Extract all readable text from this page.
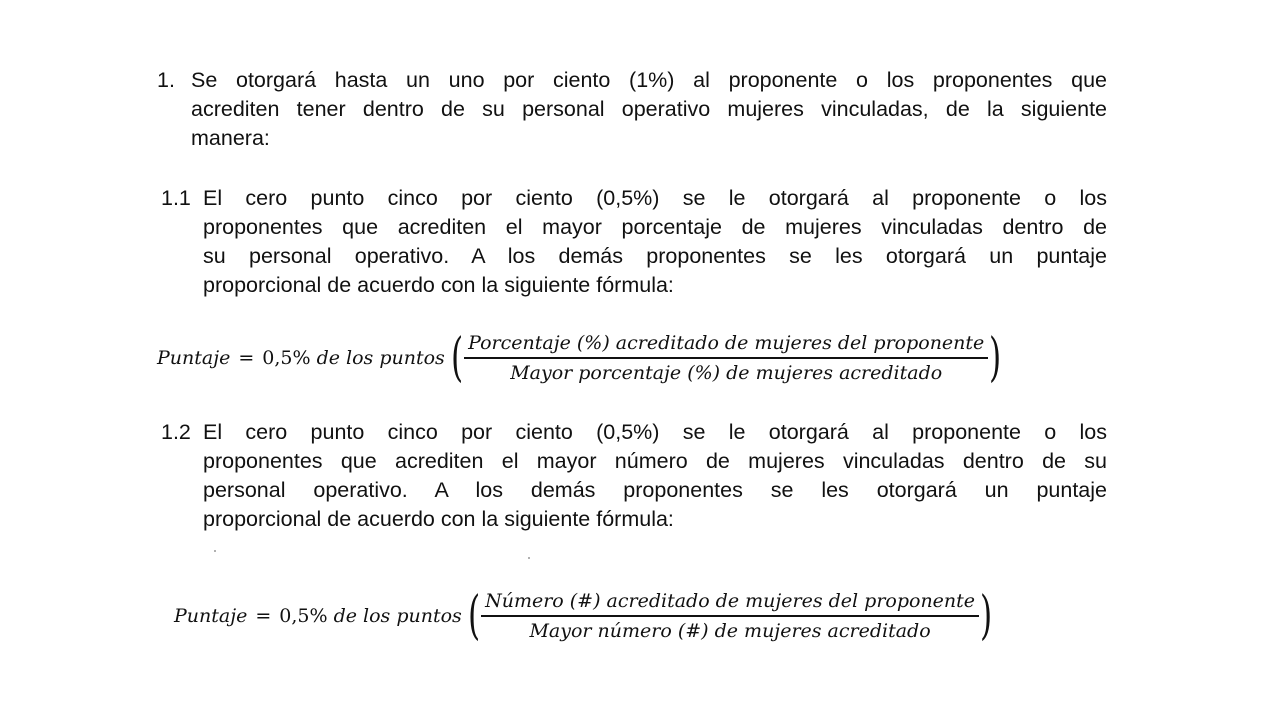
1. Se otorgará hasta un uno por ciento (1%) al proponente o los proponentes que
acrediten tener dentro de su personal operativo mujeres vinculadas, de la siguiente
manera:
1.1 El cero punto cinco por ciento (0,5%) se le otorgará al proponente o los
proponentes que acrediten el mayor porcentaje de mujeres vinculadas dentro de
su personal operativo. A los demás proponentes se les otorgará un puntaje
proporcional de acuerdo con la siguiente fórmula:
Puntaje = 0,5% de los puntos ( $\frac{\text{Porcentaje (\%) acreditado de mujeres del proponente}}{\text{Mayor porcentaje (\%) de mujeres acreditado}}$ )
1.2 El cero punto cinco por ciento (0,5%) se le otorgará al proponente o los
proponentes que acrediten el mayor número de mujeres vinculadas dentro de su
personal operativo. A los demás proponentes se les otorgará un puntaje
proporcional de acuerdo con la siguiente fórmula:
Puntaje = 0,5% de los puntos ( $\frac{\text{Número (\#) acreditado de mujeres del proponente}}{\text{Mayor número (\#) de mujeres acreditado}}$ )
